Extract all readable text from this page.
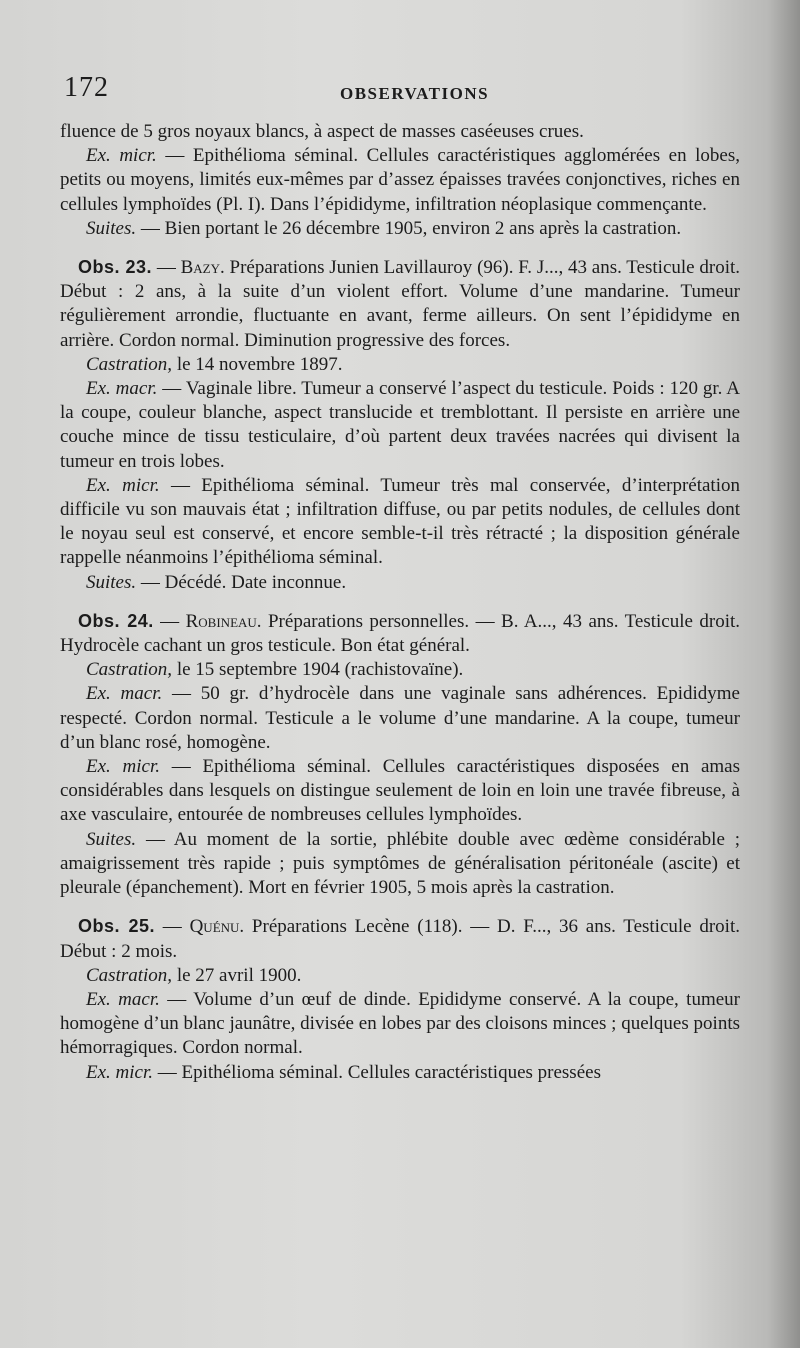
172	OBSERVATIONS

fluence de 5 gros noyaux blancs, à aspect de masses caséeuses crues.

Ex. micr. — Epithélioma séminal. Cellules caractéristiques agglomérées en lobes, petits ou moyens, limités eux-mêmes par d’assez épaisses travées conjonctives, riches en cellules lymphoïdes (Pl. I). Dans l’épididyme, infiltration néoplasique commençante.

Suites. — Bien portant le 26 décembre 1905, environ 2 ans après la castration.

Obs. 23. — Bazy. Préparations Junien Lavillauroy (96). F. J..., 43 ans. Testicule droit. Début : 2 ans, à la suite d’un violent effort. Volume d’une mandarine. Tumeur régulièrement arrondie, fluctuante en avant, ferme ailleurs. On sent l’épididyme en arrière. Cordon normal. Diminution progressive des forces.

Castration, le 14 novembre 1897.

Ex. macr. — Vaginale libre. Tumeur a conservé l’aspect du testicule. Poids : 120 gr. A la coupe, couleur blanche, aspect translucide et tremblottant. Il persiste en arrière une couche mince de tissu testiculaire, d’où partent deux travées nacrées qui divisent la tumeur en trois lobes.

Ex. micr. — Epithélioma séminal. Tumeur très mal conservée, d’interprétation difficile vu son mauvais état ; infiltration diffuse, ou par petits nodules, de cellules dont le noyau seul est conservé, et encore semble-t-il très rétracté ; la disposition générale rappelle néanmoins l’épithélioma séminal.

Suites. — Décédé. Date inconnue.

Obs. 24. — Robineau. Préparations personnelles. — B. A..., 43 ans. Testicule droit. Hydrocèle cachant un gros testicule. Bon état général.

Castration, le 15 septembre 1904 (rachistovaïne).

Ex. macr. — 50 gr. d’hydrocèle dans une vaginale sans adhérences. Epididyme respecté. Cordon normal. Testicule a le volume d’une mandarine. A la coupe, tumeur d’un blanc rosé, homogène.

Ex. micr. — Epithélioma séminal. Cellules caractéristiques disposées en amas considérables dans lesquels on distingue seulement de loin en loin une travée fibreuse, à axe vasculaire, entourée de nombreuses cellules lymphoïdes.

Suites. — Au moment de la sortie, phlébite double avec œdème considérable ; amaigrissement très rapide ; puis symptômes de généralisation péritonéale (ascite) et pleurale (épanchement). Mort en février 1905, 5 mois après la castration.

Obs. 25. — Quénu. Préparations Lecène (118). — D. F..., 36 ans. Testicule droit. Début : 2 mois.

Castration, le 27 avril 1900.

Ex. macr. — Volume d’un œuf de dinde. Epididyme conservé. A la coupe, tumeur homogène d’un blanc jaunâtre, divisée en lobes par des cloisons minces ; quelques points hémorragiques. Cordon normal.

Ex. micr. — Epithélioma séminal. Cellules caractéristiques pressées
